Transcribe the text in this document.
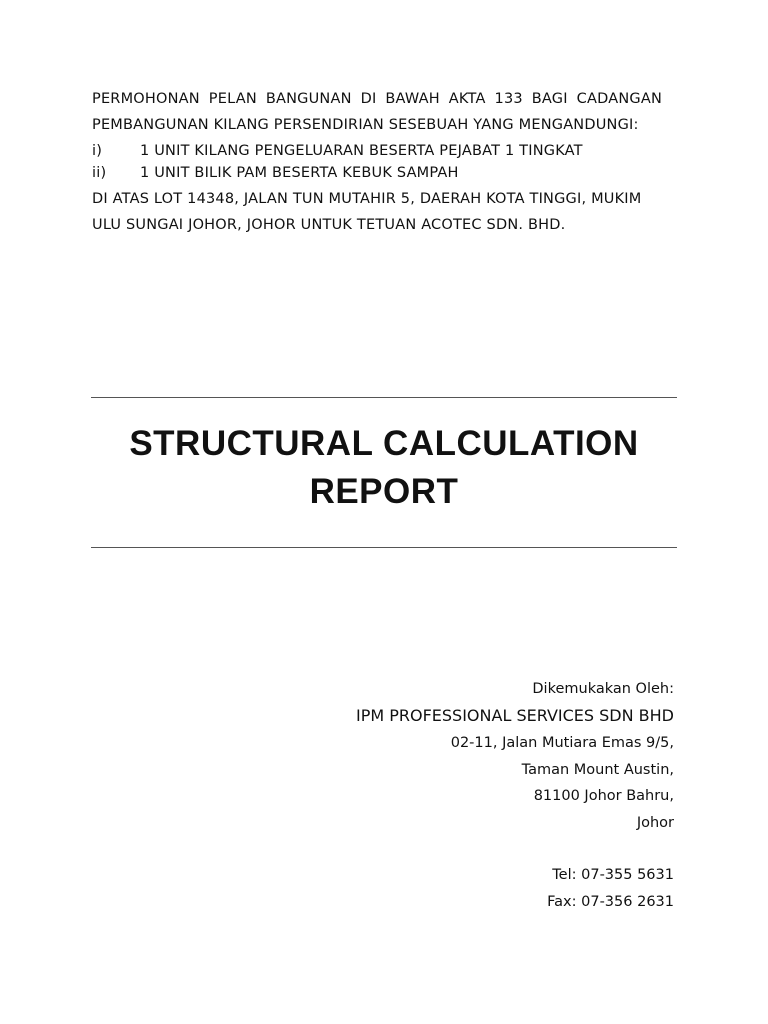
PERMOHONAN PELAN BANGUNAN DI BAWAH AKTA 133 BAGI CADANGAN
PEMBANGUNAN KILANG PERSENDIRIAN SESEBUAH YANG MENGANDUNGI:
i)	1 UNIT KILANG PENGELUARAN BESERTA PEJABAT 1 TINGKAT
ii)	1 UNIT BILIK PAM BESERTA KEBUK SAMPAH
DI ATAS LOT 14348, JALAN TUN MUTAHIR 5, DAERAH KOTA TINGGI, MUKIM
ULU SUNGAI JOHOR, JOHOR UNTUK TETUAN ACOTEC SDN. BHD.
STRUCTURAL CALCULATION
REPORT
Dikemukakan Oleh:
IPM PROFESSIONAL SERVICES SDN BHD
02-11, Jalan Mutiara Emas 9/5,
Taman Mount Austin,
81100 Johor Bahru,
Johor
Tel: 07-355 5631
Fax: 07-356 2631
